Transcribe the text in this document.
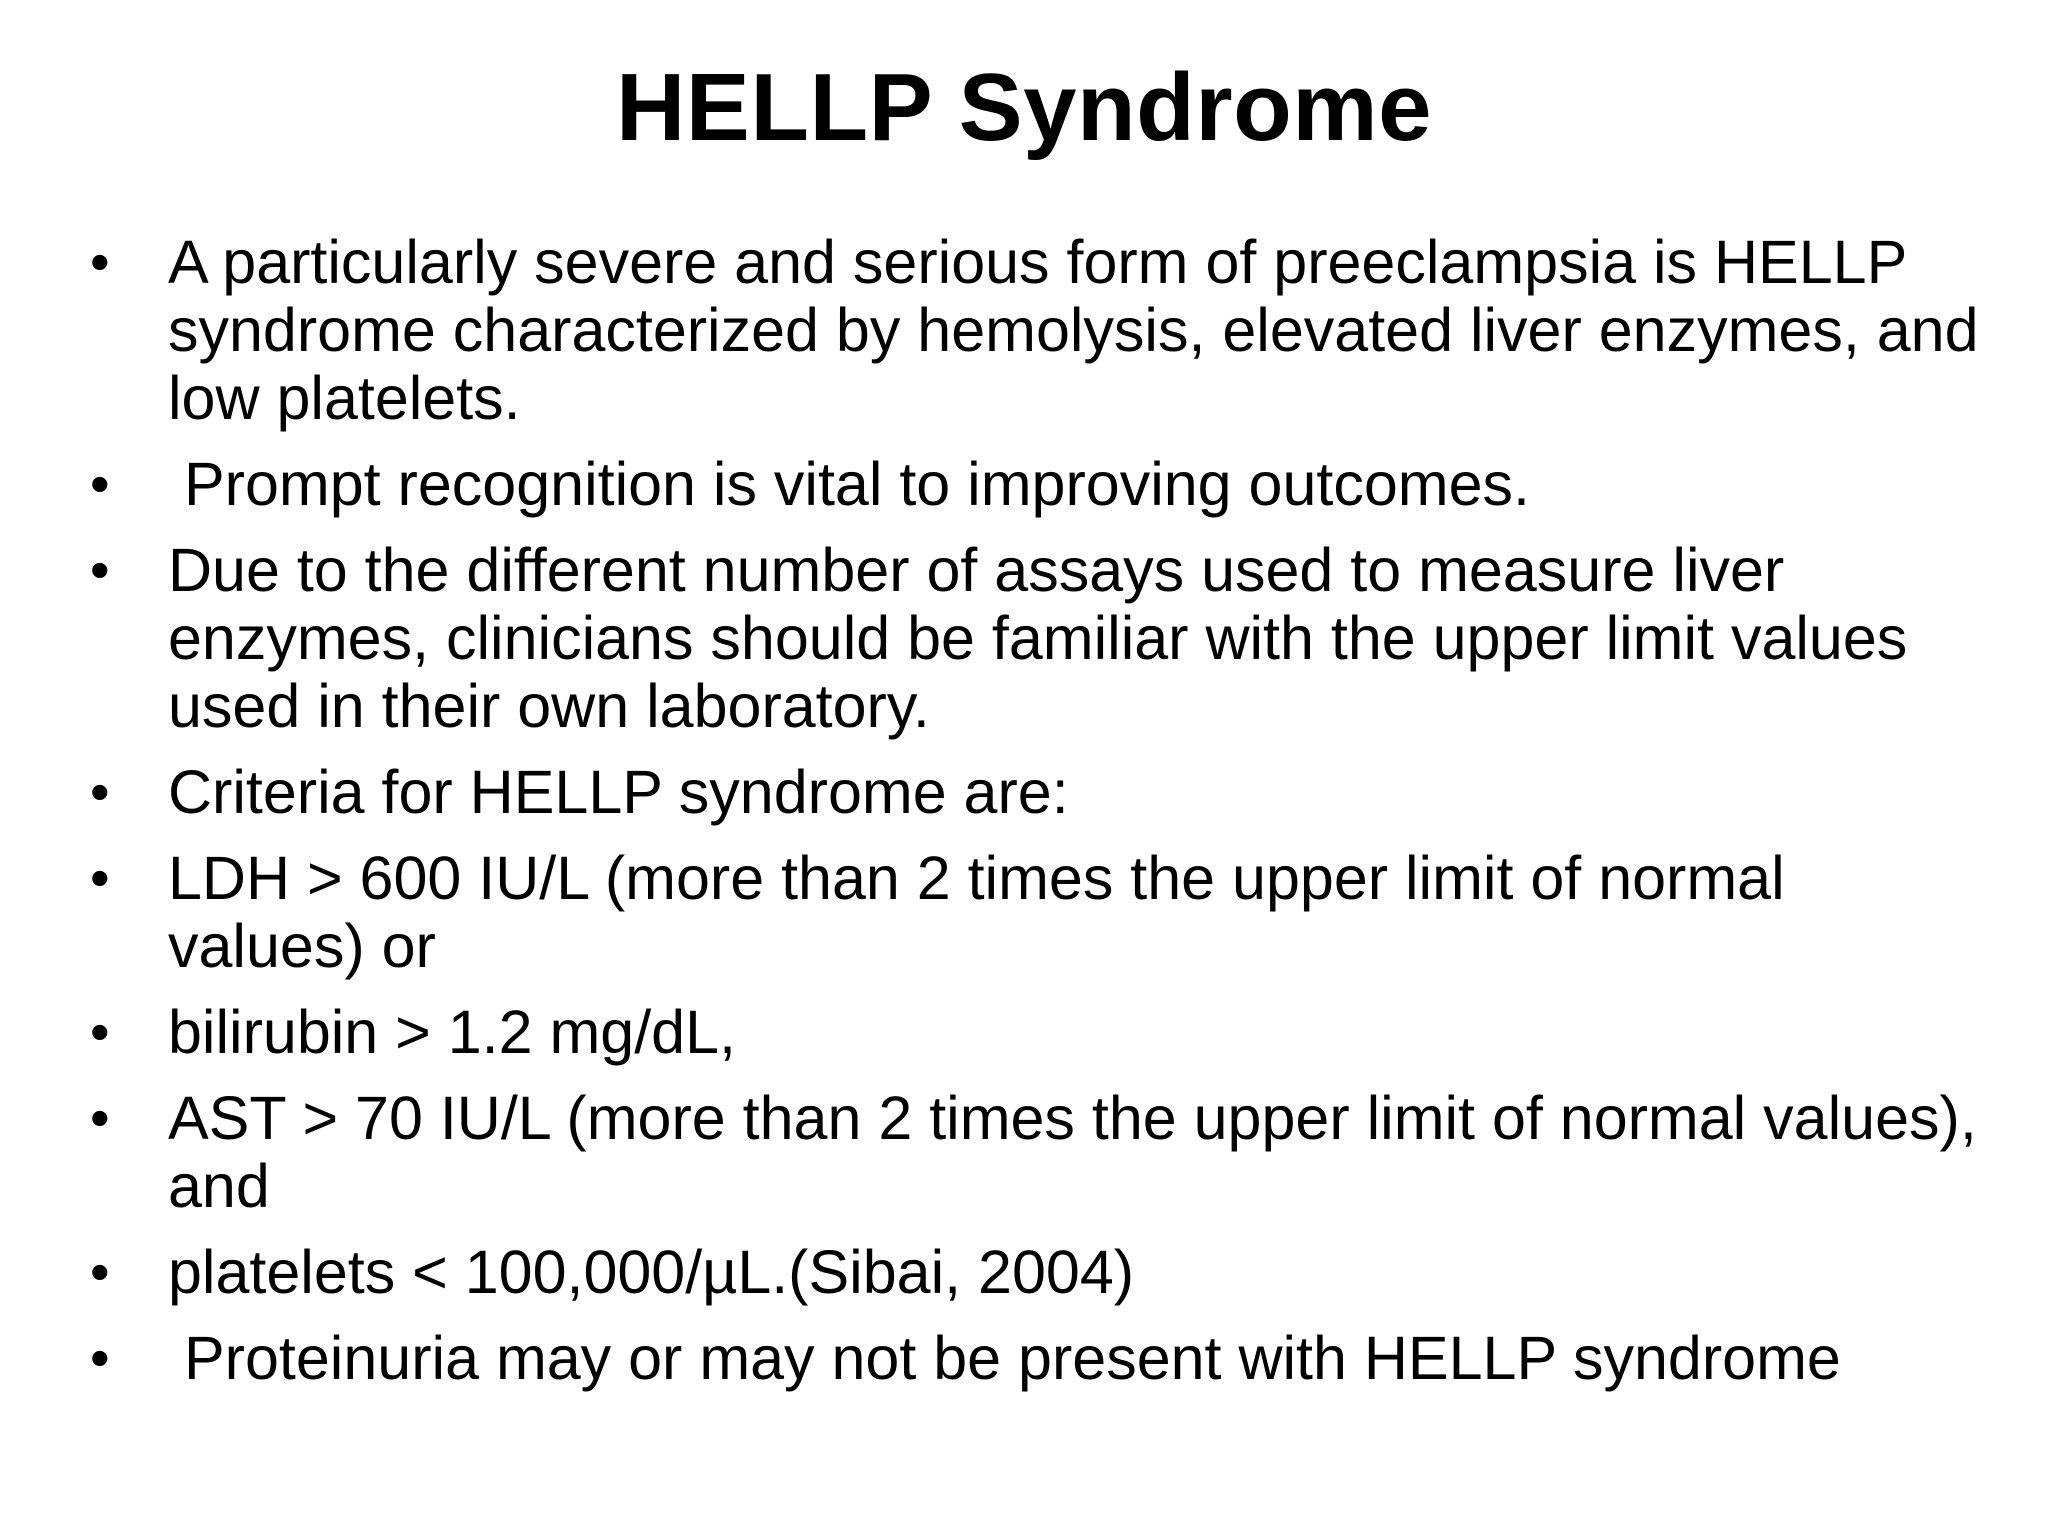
HELLP Syndrome
• A particularly severe and serious form of preeclampsia is HELLP syndrome characterized by hemolysis, elevated liver enzymes, and low platelets.
•	Prompt recognition is vital to improving outcomes.
• Due to the different number of assays used to measure liver enzymes, clinicians should be familiar with the upper limit values used in their own laboratory.
• Criteria for HELLP syndrome are:
• LDH > 600 IU/L (more than 2 times the upper limit of normal values) or
• bilirubin > 1.2 mg/dL,
• AST > 70 IU/L (more than 2 times the upper limit of normal values), and
• platelets < 100,000/µL.(Sibai, 2004)
•	Proteinuria may or may not be present with HELLP syndrome
